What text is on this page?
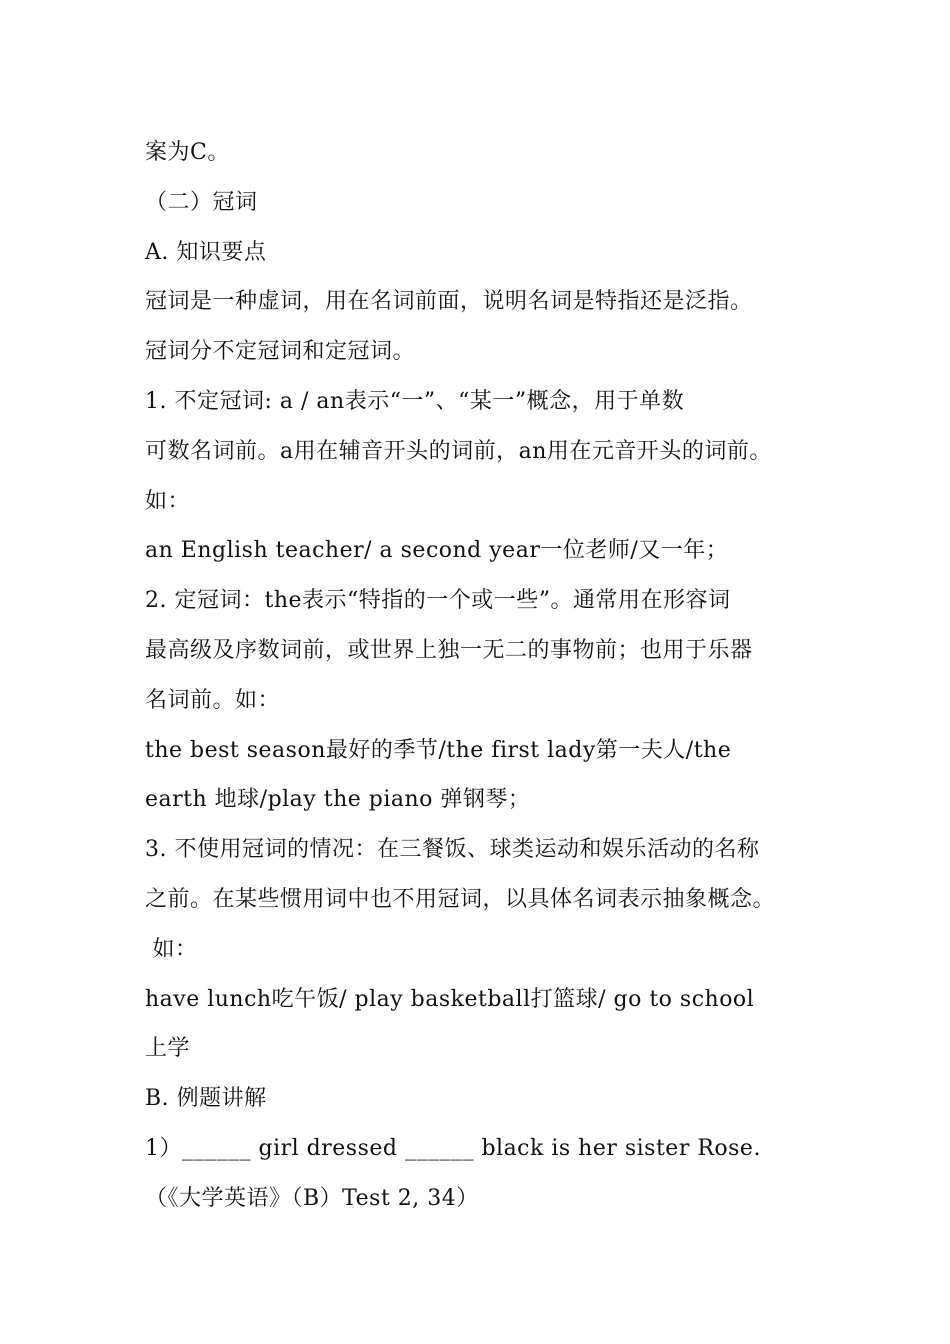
案为C。
（二）冠词
A. 知识要点
冠词是一种虚词，用在名词前面，说明名词是特指还是泛指。
冠词分不定冠词和定冠词。
1. 不定冠词: a / an表示“一”、“某一”概念，用于单数
可数名词前。a用在辅音开头的词前，an用在元音开头的词前。
如：
an English teacher/ a second year一位老师/又一年；
2. 定冠词：the表示“特指的一个或一些”。通常用在形容词
最高级及序数词前，或世界上独一无二的事物前；也用于乐器
名词前。如：
the best season最好的季节/the first lady第一夫人/the
earth 地球/play the piano 弹钢琴；
3. 不使用冠词的情况：在三餐饭、球类运动和娱乐活动的名称
之前。在某些惯用词中也不用冠词，以具体名词表示抽象概念。
如：
have lunch吃午饭/ play basketball打篮球/ go to school
上学
B. 例题讲解
1）______ girl dressed ______ black is her sister Rose.
（《大学英语》（B）Test 2, 34）
